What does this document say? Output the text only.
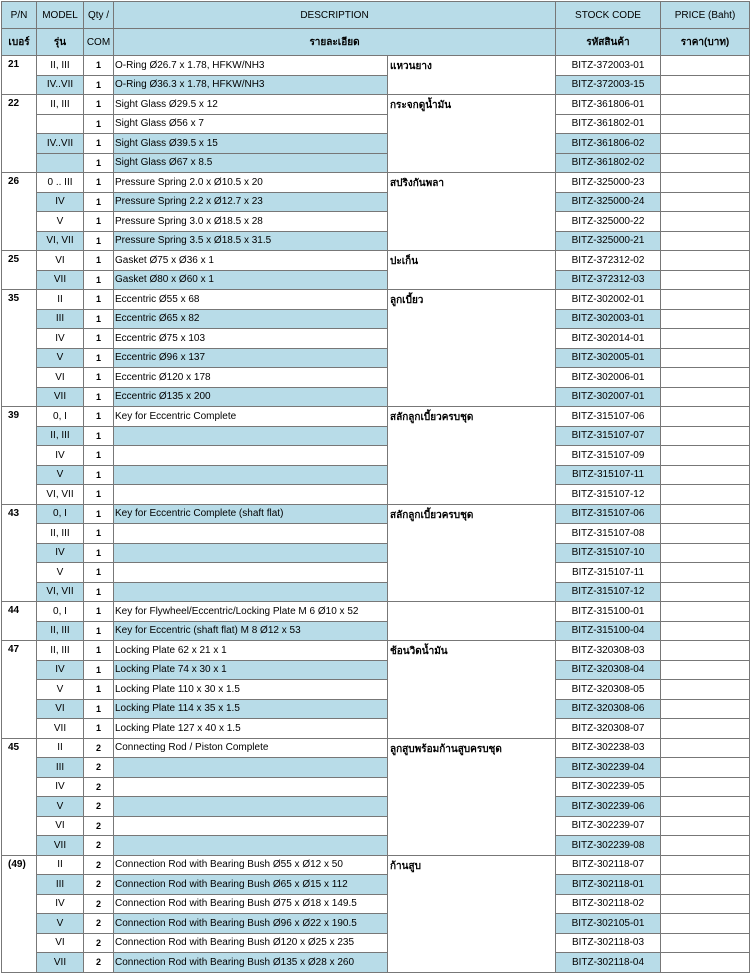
P/N	MODEL	Qty /	DESCRIPTION		STOCK CODE	PRICE (Baht)
เบอร์	รุ่น	COM	รายละเอียด		รหัสสินค้า	ราคา(บาท)
21	II, III	1	O-Ring Ø26.7 x 1.78, HFKW/NH3	แหวนยาง	BITZ-372003-01	
	IV..VII	1	O-Ring Ø36.3 x 1.78, HFKW/NH3		BITZ-372003-15	
22	II, III	1	Sight Glass Ø29.5 x 12	กระจกดูน้ำมัน	BITZ-361806-01	
		1	Sight Glass Ø56 x 7		BITZ-361802-01	
	IV..VII	1	Sight Glass Ø39.5 x 15		BITZ-361806-02	
		1	Sight Glass Ø67 x 8.5		BITZ-361802-02	
26	0 .. III	1	Pressure Spring 2.0 x Ø10.5 x 20	สปริงกันพลา	BITZ-325000-23	
	IV	1	Pressure Spring 2.2 x Ø12.7 x 23		BITZ-325000-24	
	V	1	Pressure Spring 3.0 x Ø18.5 x 28		BITZ-325000-22	
	VI, VII	1	Pressure Spring 3.5 x Ø18.5 x 31.5		BITZ-325000-21	
25	VI	1	Gasket Ø75 x Ø36 x 1	ปะเก็น	BITZ-372312-02	
	VII	1	Gasket Ø80 x Ø60 x 1		BITZ-372312-03	
35	II	1	Eccentric Ø55 x 68	ลูกเบี้ยว	BITZ-302002-01	
	III	1	Eccentric Ø65 x 82		BITZ-302003-01	
	IV	1	Eccentric Ø75 x 103		BITZ-302014-01	
	V	1	Eccentric Ø96 x 137		BITZ-302005-01	
	VI	1	Eccentric Ø120 x 178		BITZ-302006-01	
	VII	1	Eccentric Ø135 x 200		BITZ-302007-01	
39	0, I	1	Key for Eccentric Complete	สลักลูกเบี้ยวครบชุด	BITZ-315107-06	
	II, III	1			BITZ-315107-07	
	IV	1			BITZ-315107-09	
	V	1			BITZ-315107-11	
	VI, VII	1			BITZ-315107-12	
43	0, I	1	Key for Eccentric Complete (shaft flat)	สลักลูกเบี้ยวครบชุด	BITZ-315107-06	
	II, III	1			BITZ-315107-08	
	IV	1			BITZ-315107-10	
	V	1			BITZ-315107-11	
	VI, VII	1			BITZ-315107-12	
44	0, I	1	Key for Flywheel/Eccentric/Locking Plate M 6 Ø10 x 52		BITZ-315100-01	
	II, III	1	Key for Eccentric (shaft flat) M 8 Ø12 x 53		BITZ-315100-04	
47	II, III	1	Locking Plate 62 x 21 x 1	ช้อนวิดน้ำมัน	BITZ-320308-03	
	IV	1	Locking Plate 74 x 30 x 1		BITZ-320308-04	
	V	1	Locking Plate 110 x 30 x 1.5		BITZ-320308-05	
	VI	1	Locking Plate 114 x 35 x 1.5		BITZ-320308-06	
	VII	1	Locking Plate 127 x 40 x 1.5		BITZ-320308-07	
45	II	2	Connecting Rod / Piston Complete	ลูกสูบพร้อมก้านสูบครบชุด	BITZ-302238-03	
	III	2			BITZ-302239-04	
	IV	2			BITZ-302239-05	
	V	2			BITZ-302239-06	
	VI	2			BITZ-302239-07	
	VII	2			BITZ-302239-08	
(49)	II	2	Connection Rod with Bearing Bush Ø55 x Ø12 x 50	ก้านสูบ	BITZ-302118-07	
	III	2	Connection Rod with Bearing Bush Ø65 x Ø15 x 112		BITZ-302118-01	
	IV	2	Connection Rod with Bearing Bush Ø75 x Ø18 x 149.5		BITZ-302118-02	
	V	2	Connection Rod with Bearing Bush Ø96 x Ø22 x 190.5		BITZ-302105-01	
	VI	2	Connection Rod with Bearing Bush Ø120 x Ø25 x 235		BITZ-302118-03	
	VII	2	Connection Rod with Bearing Bush Ø135 x Ø28 x 260		BITZ-302118-04	
